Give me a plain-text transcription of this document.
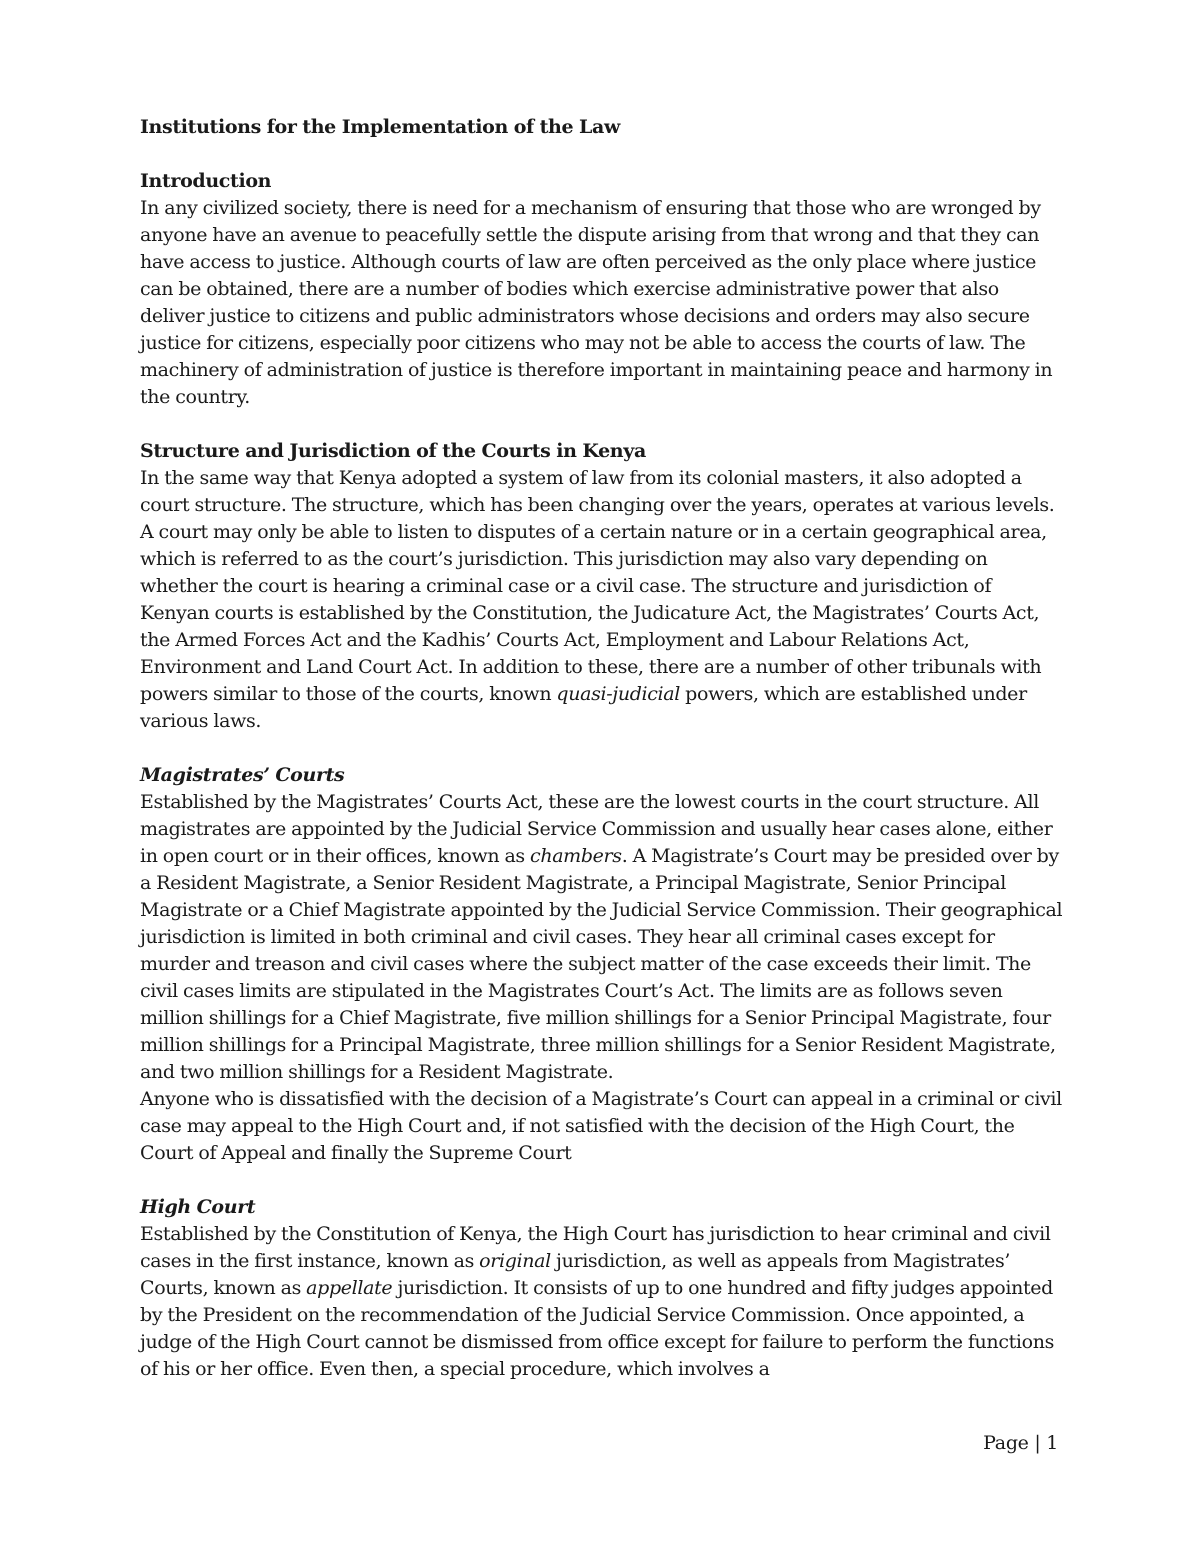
Institutions for the Implementation of the Law

Introduction

In any civilized society, there is need for a mechanism of ensuring that those who are wronged by anyone have an avenue to peacefully settle the dispute arising from that wrong and that they can have access to justice. Although courts of law are often perceived as the only place where justice can be obtained, there are a number of bodies which exercise administrative power that also deliver justice to citizens and public administrators whose decisions and orders may also secure justice for citizens, especially poor citizens who may not be able to access the courts of law. The machinery of administration of justice is therefore important in maintaining peace and harmony in the country.

Structure and Jurisdiction of the Courts in Kenya

In the same way that Kenya adopted a system of law from its colonial masters, it also adopted a court structure. The structure, which has been changing over the years, operates at various levels. A court may only be able to listen to disputes of a certain nature or in a certain geographical area, which is referred to as the court’s jurisdiction. This jurisdiction may also vary depending on whether the court is hearing a criminal case or a civil case. The structure and jurisdiction of Kenyan courts is established by the Constitution, the Judicature Act, the Magistrates’ Courts Act, the Armed Forces Act and the Kadhis’ Courts Act, Employment and Labour Relations Act, Environment and Land Court Act. In addition to these, there are a number of other tribunals with powers similar to those of the courts, known quasi-judicial powers, which are established under various laws.

Magistrates’ Courts

Established by the Magistrates’ Courts Act, these are the lowest courts in the court structure. All magistrates are appointed by the Judicial Service Commission and usually hear cases alone, either in open court or in their offices, known as chambers. A Magistrate’s Court may be presided over by a Resident Magistrate, a Senior Resident Magistrate, a Principal Magistrate, Senior Principal Magistrate or a Chief Magistrate appointed by the Judicial Service Commission. Their geographical jurisdiction is limited in both criminal and civil cases. They hear all criminal cases except for murder and treason and civil cases where the subject matter of the case exceeds their limit. The civil cases limits are stipulated in the Magistrates Court’s Act. The limits are as follows seven million shillings for a Chief Magistrate, five million shillings for a Senior Principal Magistrate, four million shillings for a Principal Magistrate, three million shillings for a Senior Resident Magistrate, and two million shillings for a Resident Magistrate.

Anyone who is dissatisfied with the decision of a Magistrate’s Court can appeal in a criminal or civil case may appeal to the High Court and, if not satisfied with the decision of the High Court, the Court of Appeal and finally the Supreme Court

High Court

Established by the Constitution of Kenya, the High Court has jurisdiction to hear criminal and civil cases in the first instance, known as original jurisdiction, as well as appeals from Magistrates’ Courts, known as appellate jurisdiction. It consists of up to one hundred and fifty judges appointed by the President on the recommendation of the Judicial Service Commission. Once appointed, a judge of the High Court cannot be dismissed from office except for failure to perform the functions of his or her office. Even then, a special procedure, which involves a

Page | 1
